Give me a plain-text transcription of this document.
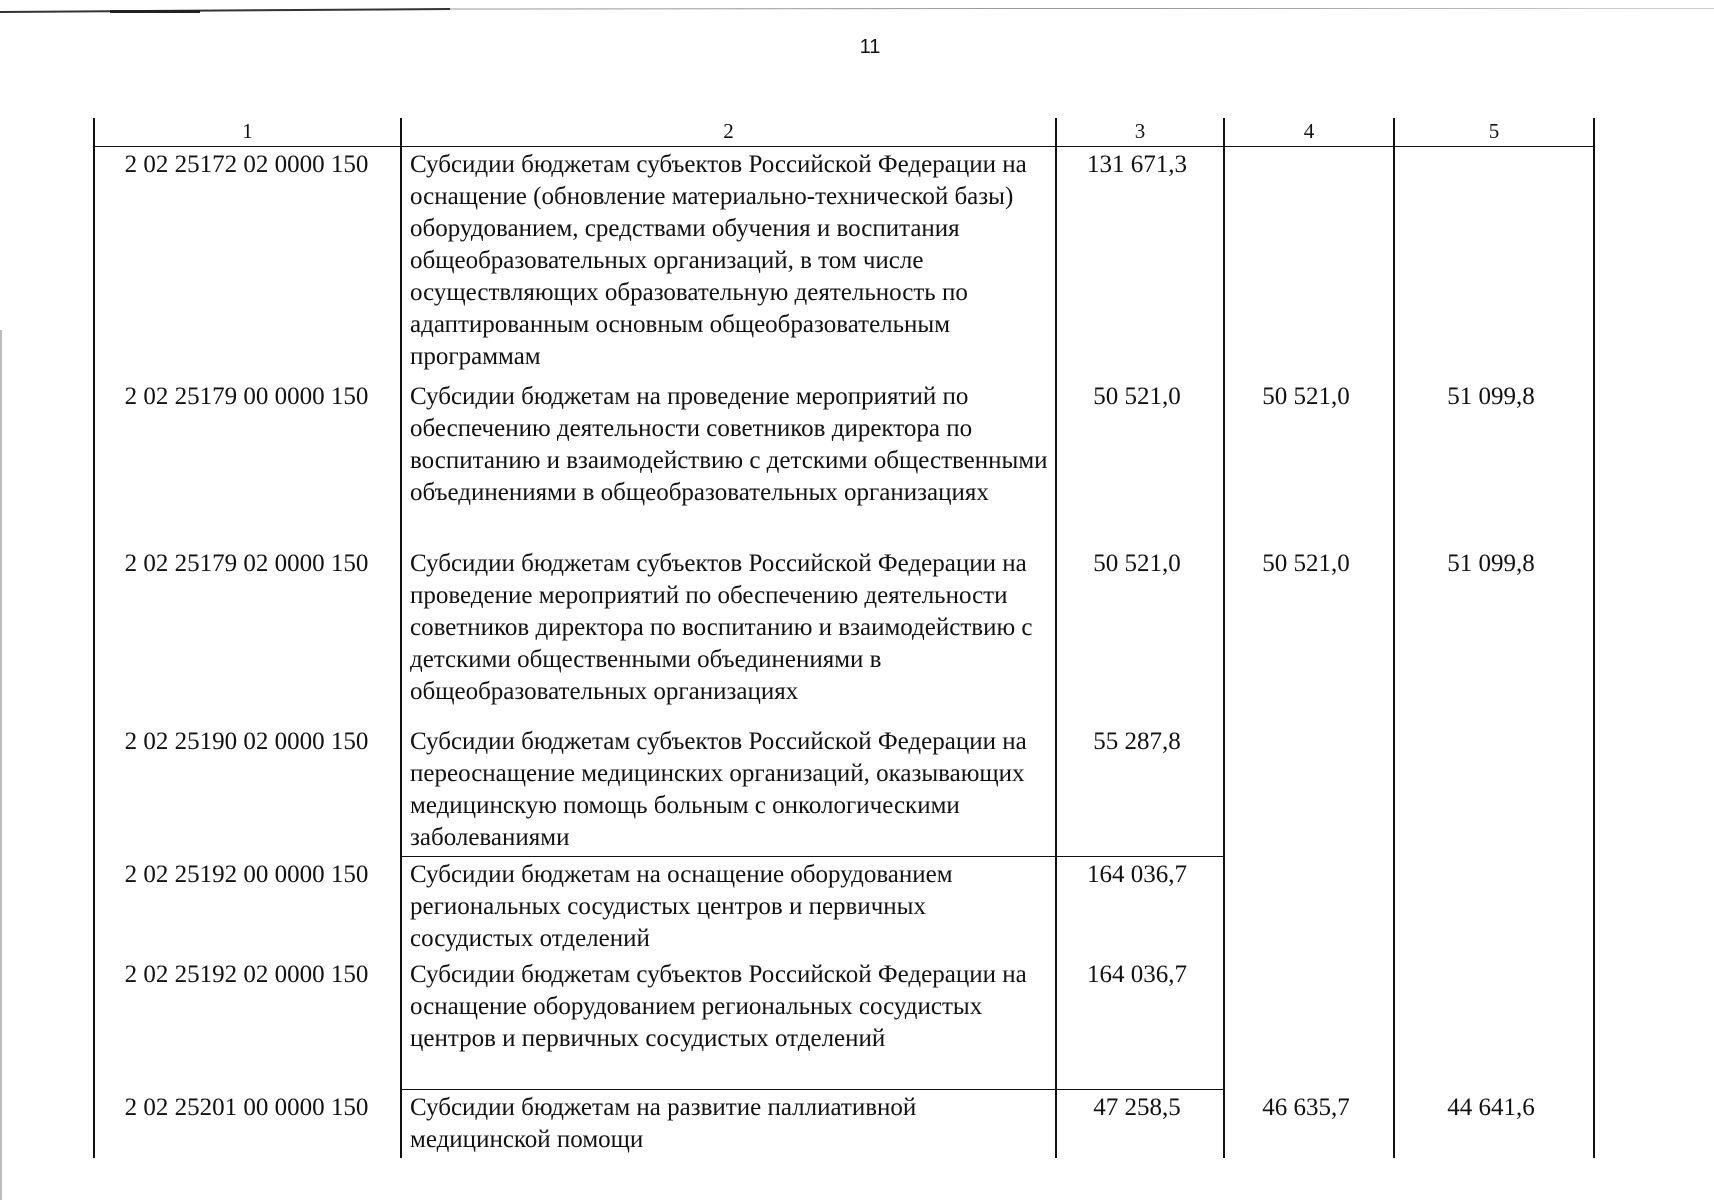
11
1	2	3	4	5
2 02 25172 02 0000 150	Субсидии бюджетам субъектов Российской Федерации на оснащение (обновление материально-технической базы) оборудованием, средствами обучения и воспитания общеобразовательных организаций, в том числе осуществляющих образовательную деятельность по адаптированным основным общеобразовательным программам	131 671,3		
2 02 25179 00 0000 150	Субсидии бюджетам на проведение мероприятий по обеспечению деятельности советников директора по воспитанию и взаимодействию с детскими общественными объединениями в общеобразовательных организациях	50 521,0	50 521,0	51 099,8
2 02 25179 02 0000 150	Субсидии бюджетам субъектов Российской Федерации на проведение мероприятий по обеспечению деятельности советников директора по воспитанию и взаимодействию с детскими общественными объединениями в общеобразовательных организациях	50 521,0	50 521,0	51 099,8
2 02 25190 02 0000 150	Субсидии бюджетам субъектов Российской Федерации на переоснащение медицинских организаций, оказывающих медицинскую помощь больным с онкологическими заболеваниями	55 287,8		
2 02 25192 00 0000 150	Субсидии бюджетам на оснащение оборудованием региональных сосудистых центров и первичных сосудистых отделений	164 036,7		
2 02 25192 02 0000 150	Субсидии бюджетам субъектов Российской Федерации на оснащение оборудованием региональных сосудистых центров и первичных сосудистых отделений	164 036,7		
2 02 25201 00 0000 150	Субсидии бюджетам на развитие паллиативной медицинской помощи	47 258,5	46 635,7	44 641,6
